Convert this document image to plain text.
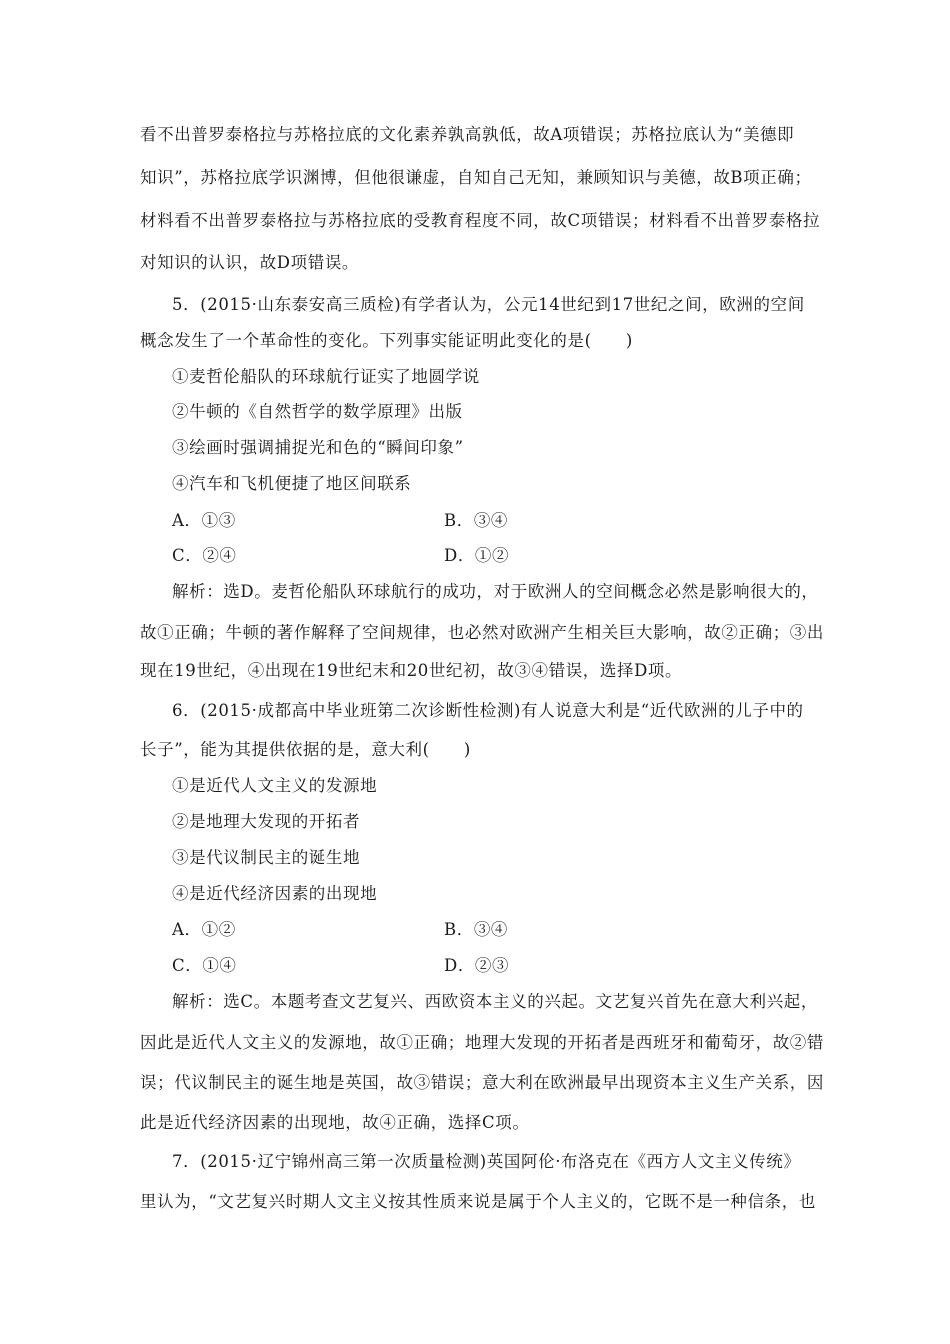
看不出普罗泰格拉与苏格拉底的文化素养孰高孰低，故A项错误；苏格拉底认为“美德即
知识”，苏格拉底学识渊博，但他很谦虚，自知自己无知，兼顾知识与美德，故B项正确；
材料看不出普罗泰格拉与苏格拉底的受教育程度不同，故C项错误；材料看不出普罗泰格拉
对知识的认识，故D项错误。
5．(2015·山东泰安高三质检)有学者认为，公元14世纪到17世纪之间，欧洲的空间
概念发生了一个革命性的变化。下列事实能证明此变化的是(　　)
①麦哲伦船队的环球航行证实了地圆学说
②牛顿的《自然哲学的数学原理》出版
③绘画时强调捕捉光和色的“瞬间印象”
④汽车和飞机便捷了地区间联系
A．①③	B．③④
C．②④	D．①②
解析：选D。麦哲伦船队环球航行的成功，对于欧洲人的空间概念必然是影响很大的，
故①正确；牛顿的著作解释了空间规律，也必然对欧洲产生相关巨大影响，故②正确；③出
现在19世纪，④出现在19世纪末和20世纪初，故③④错误，选择D项。
6．(2015·成都高中毕业班第二次诊断性检测)有人说意大利是“近代欧洲的儿子中的
长子”，能为其提供依据的是，意大利(　　)
①是近代人文主义的发源地
②是地理大发现的开拓者
③是代议制民主的诞生地
④是近代经济因素的出现地
A．①②	B．③④
C．①④	D．②③
解析：选C。本题考查文艺复兴、西欧资本主义的兴起。文艺复兴首先在意大利兴起，
因此是近代人文主义的发源地，故①正确；地理大发现的开拓者是西班牙和葡萄牙，故②错
误；代议制民主的诞生地是英国，故③错误；意大利在欧洲最早出现资本主义生产关系，因
此是近代经济因素的出现地，故④正确，选择C项。
7．(2015·辽宁锦州高三第一次质量检测)英国阿伦·布洛克在《西方人文主义传统》
里认为，“文艺复兴时期人文主义按其性质来说是属于个人主义的，它既不是一种信条，也
